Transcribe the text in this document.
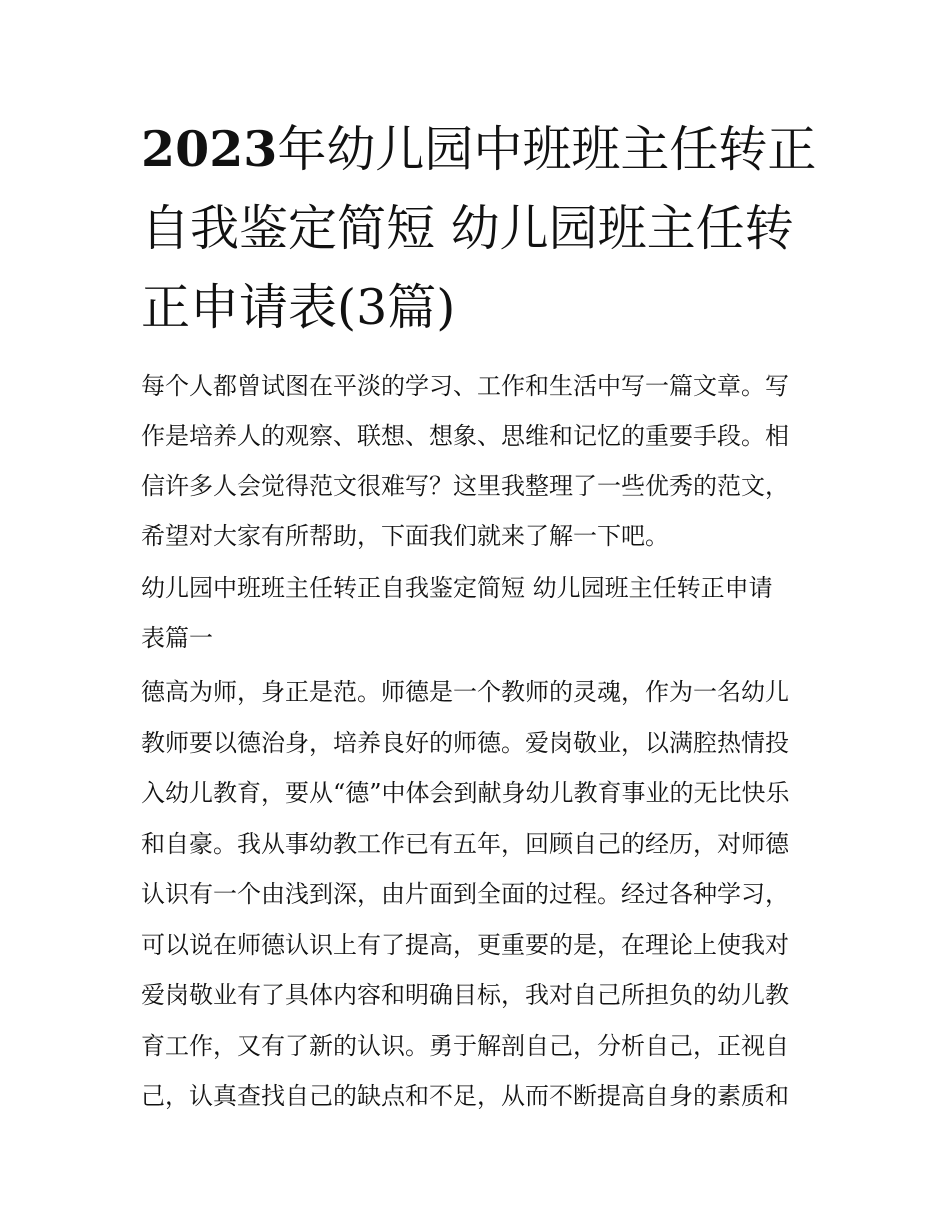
2023年幼儿园中班班主任转正
自我鉴定简短 幼儿园班主任转
正申请表(3篇)

每个人都曾试图在平淡的学习、工作和生活中写一篇文章。写
作是培养人的观察、联想、想象、思维和记忆的重要手段。相
信许多人会觉得范文很难写？这里我整理了一些优秀的范文，
希望对大家有所帮助，下面我们就来了解一下吧。

幼儿园中班班主任转正自我鉴定简短 幼儿园班主任转正申请
表篇一

德高为师，身正是范。师德是一个教师的灵魂，作为一名幼儿
教师要以德治身，培养良好的师德。爱岗敬业，以满腔热情投
入幼儿教育，要从“德”中体会到献身幼儿教育事业的无比快乐
和自豪。我从事幼教工作已有五年，回顾自己的经历，对师德
认识有一个由浅到深，由片面到全面的过程。经过各种学习，
可以说在师德认识上有了提高，更重要的是，在理论上使我对
爱岗敬业有了具体内容和明确目标，我对自己所担负的幼儿教
育工作，又有了新的认识。勇于解剖自己，分析自己，正视自
己，认真查找自己的缺点和不足，从而不断提高自身的素质和
